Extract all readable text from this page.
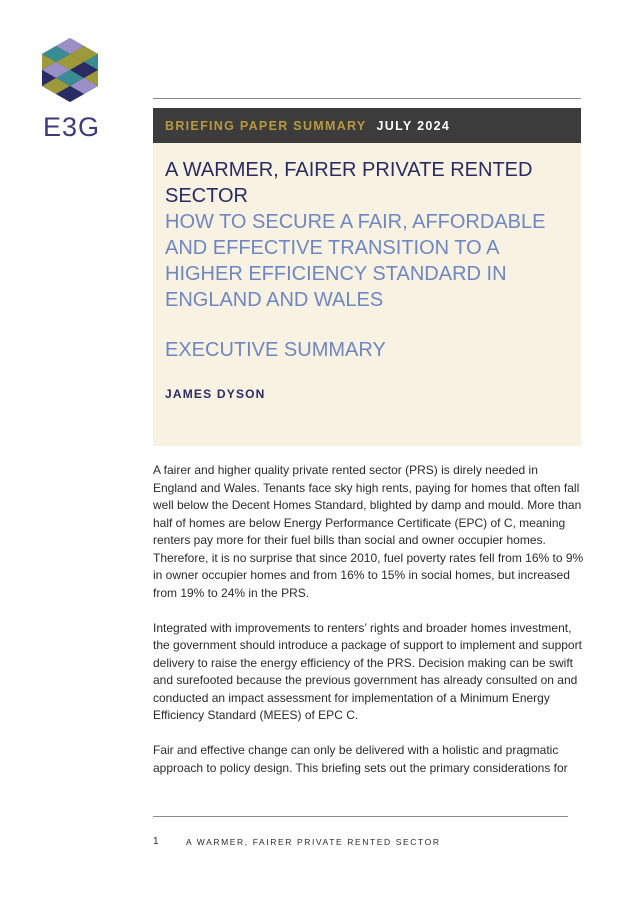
E3G	BRIEFING PAPER SUMMARY JULY 2024
A WARMER, FAIRER PRIVATE RENTED SECTOR
HOW TO SECURE A FAIR, AFFORDABLE AND EFFECTIVE TRANSITION TO A HIGHER EFFICIENCY STANDARD IN ENGLAND AND WALES
EXECUTIVE SUMMARY
JAMES DYSON

A fairer and higher quality private rented sector (PRS) is direly needed in England and Wales. Tenants face sky high rents, paying for homes that often fall well below the Decent Homes Standard, blighted by damp and mould. More than half of homes are below Energy Performance Certificate (EPC) of C, meaning renters pay more for their fuel bills than social and owner occupier homes. Therefore, it is no surprise that since 2010, fuel poverty rates fell from 16% to 9% in owner occupier homes and from 16% to 15% in social homes, but increased from 19% to 24% in the PRS.

Integrated with improvements to renters’ rights and broader homes investment, the government should introduce a package of support to implement and support delivery to raise the energy efficiency of the PRS. Decision making can be swift and surefooted because the previous government has already consulted on and conducted an impact assessment for implementation of a Minimum Energy Efficiency Standard (MEES) of EPC C.

Fair and effective change can only be delivered with a holistic and pragmatic approach to policy design. This briefing sets out the primary considerations for

1	A WARMER, FAIRER PRIVATE RENTED SECTOR
